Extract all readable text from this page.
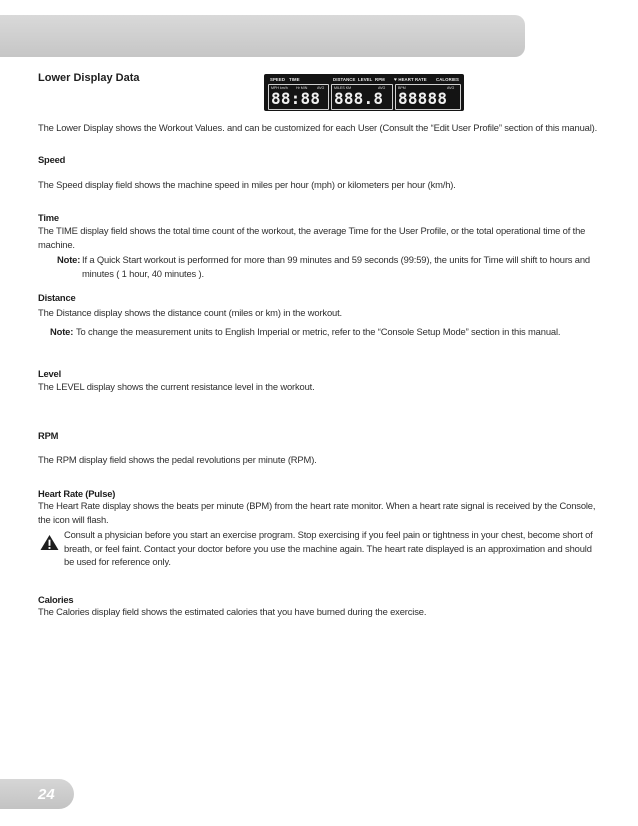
Lower Display Data	SPEED TIME	DISTANCE LEVEL RPM ♥ HEART RATE CALORIES
MPH km/h Hr MIN	AVG
88:88
MILES KM	AVG
888.8
BPM	AVG
88888
The Lower Display shows the Workout Values. and can be customized for each User (Consult the “Edit User Profile” section of this manual).
Speed
The Speed display field shows the machine speed in miles per hour (mph) or kilometers per hour (km/h).
Time
The TIME display field shows the total time count of the workout, the average Time for the User Profile, or the total operational time of the machine.
Note: If a Quick Start workout is performed for more than 99 minutes and 59 seconds (99:59), the units for Time will shift to hours and minutes ( 1 hour, 40 minutes ).
Distance
The Distance display shows the distance count (miles or km) in the workout.
Note: To change the measurement units to English Imperial or metric, refer to the “Console Setup Mode” section in this manual.
Level
The LEVEL display shows the current resistance level in the workout.
RPM
The RPM display field shows the pedal revolutions per minute (RPM).
Heart Rate (Pulse)
The Heart Rate display shows the beats per minute (BPM) from the heart rate monitor. When a heart rate signal is received by the Console, the icon will flash.
Consult a physician before you start an exercise program. Stop exercising if you feel pain or tightness in your chest, become short of breath, or feel faint. Contact your doctor before you use the machine again. The heart rate displayed is an approximation and should be used for reference only.
Calories
The Calories display field shows the estimated calories that you have burned during the exercise.
24
